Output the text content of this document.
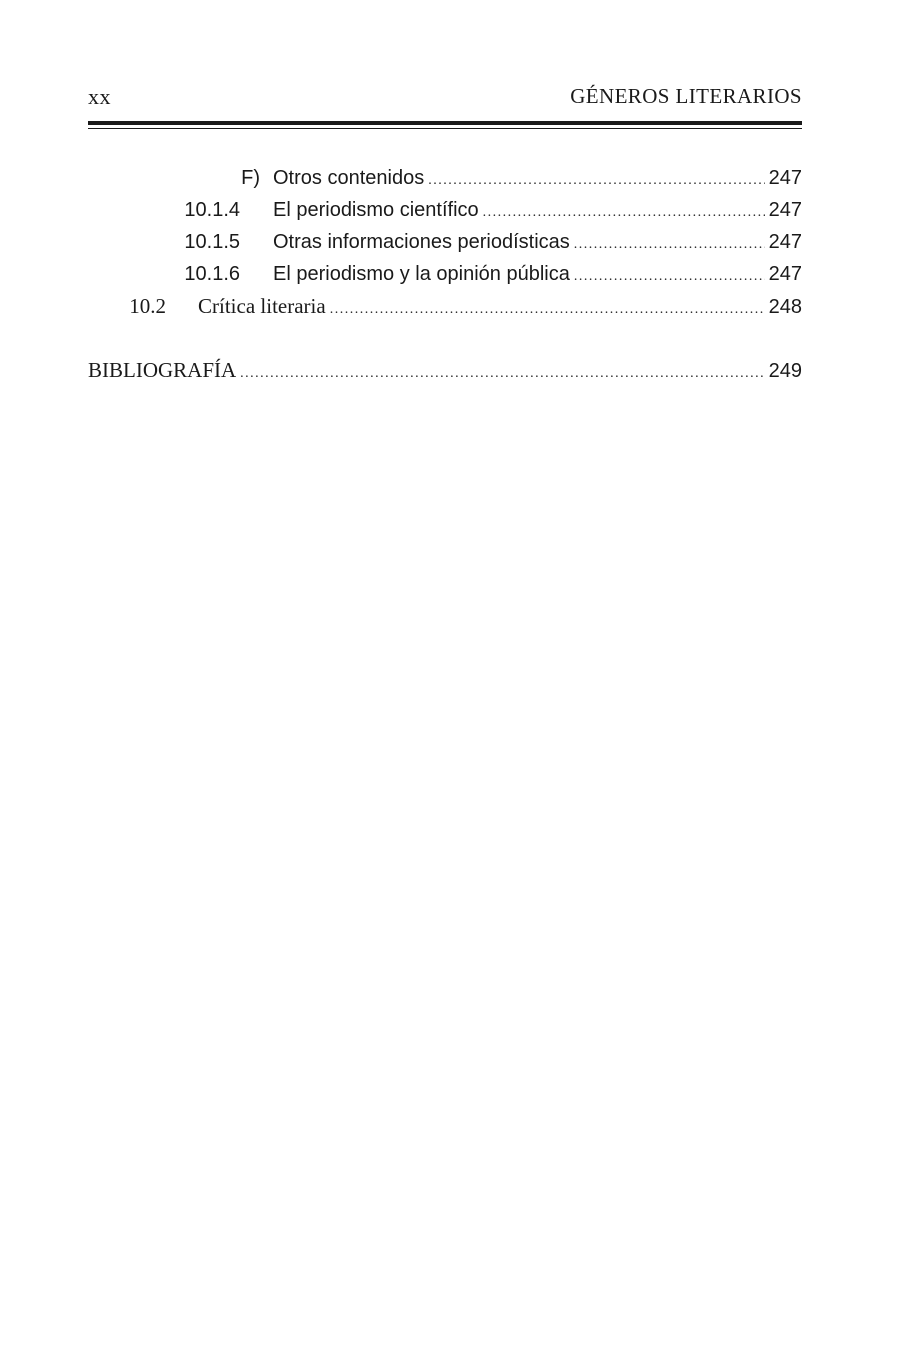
xx	GÉNEROS LITERARIOS
F) Otros contenidos . . .	247
10.1.4 El periodismo científico . . .	247
10.1.5 Otras informaciones periodísticas . . .	247
10.1.6 El periodismo y la opinión pública . . .	247
10.2 Crítica literaria . . .	248
BIBLIOGRAFÍA . . .	249
